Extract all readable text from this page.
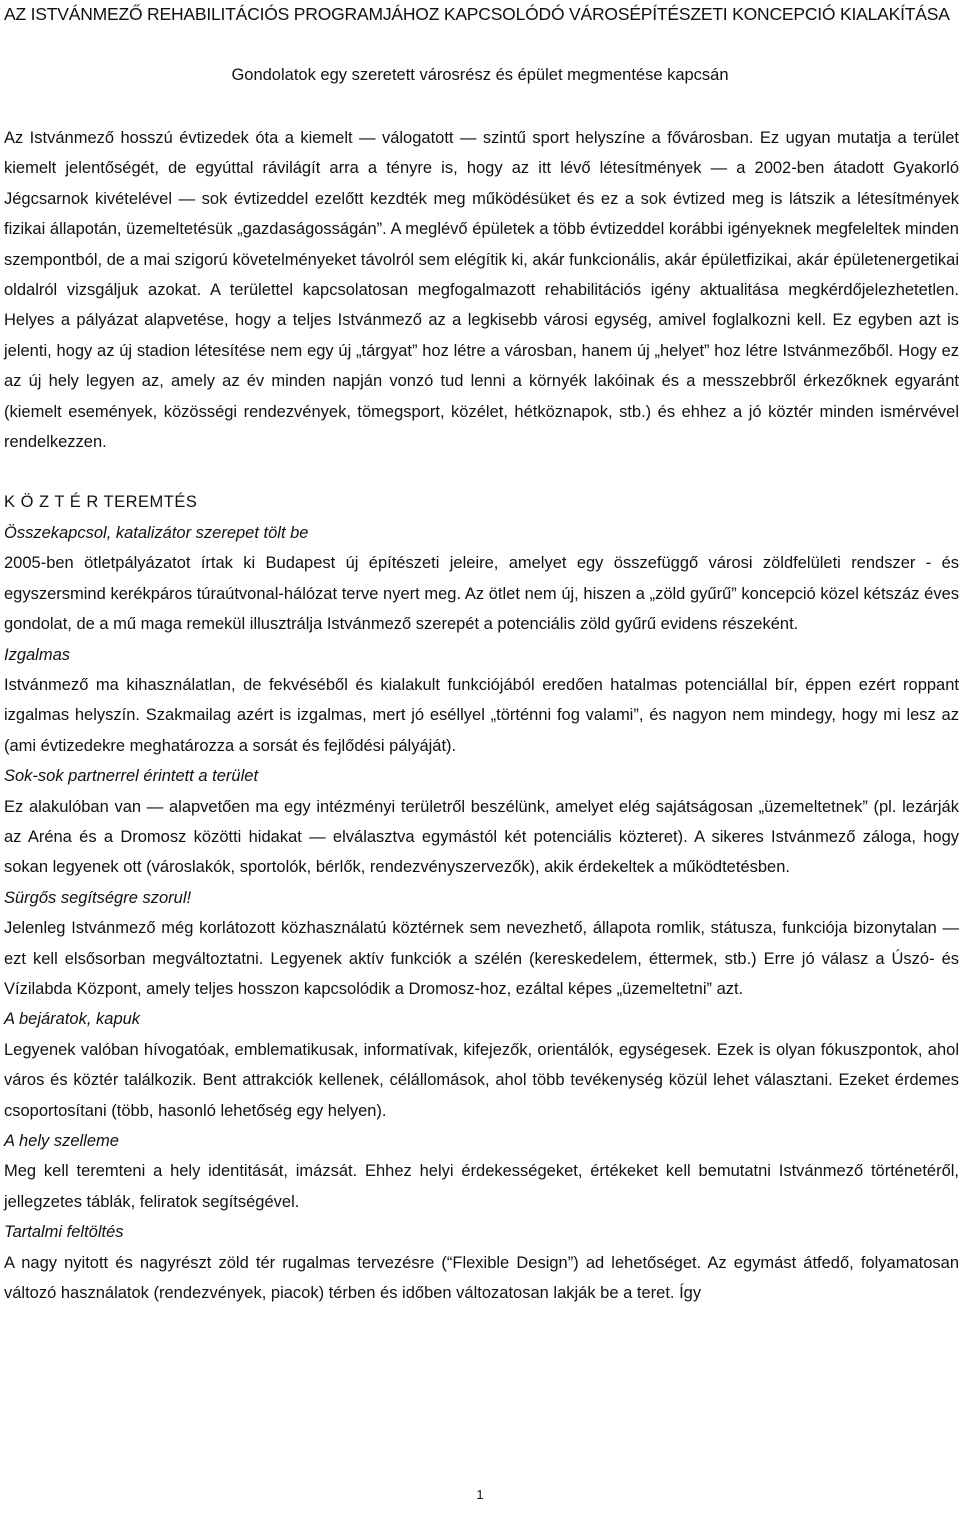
AZ ISTVÁNMEZŐ REHABILITÁCIÓS PROGRAMJÁHOZ KAPCSOLÓDÓ VÁROSÉPÍTÉSZETI KONCEPCIÓ KIALAKÍTÁSA
Gondolatok egy szeretett városrész és épület megmentése kapcsán

Az Istvánmező hosszú évtizedek óta a kiemelt — válogatott — szintű sport helyszíne a fővárosban. Ez ugyan mutatja a terület kiemelt jelentőségét, de egyúttal rávilágít arra a tényre is, hogy az itt lévő létesítmények — a 2002-ben átadott Gyakorló Jégcsarnok kivételével — sok évtizeddel ezelőtt kezdték meg működésüket és ez a sok évtized meg is látszik a létesítmények fizikai állapotán, üzemeltetésük „gazdaságosságán”. A meglévő épületek a több évtizeddel korábbi igényeknek megfeleltek minden szempontból, de a mai szigorú követelményeket távolról sem elégítik ki, akár funkcionális, akár épületfizikai, akár épületenergetikai oldalról vizsgáljuk azokat. A területtel kapcsolatosan megfogalmazott rehabilitációs igény aktualitása megkérdőjelezhetetlen. Helyes a pályázat alapvetése, hogy a teljes Istvánmező az a legkisebb városi egység, amivel foglalkozni kell. Ez egyben azt is jelenti, hogy az új stadion létesítése nem egy új „tárgyat” hoz létre a városban, hanem új „helyet” hoz létre Istvánmezőből. Hogy ez az új hely legyen az, amely az év minden napján vonzó tud lenni a környék lakóinak és a messzebbről érkezőknek egyaránt (kiemelt események, közösségi rendezvények, tömegsport, közélet, hétköznapok, stb.) és ehhez a jó köztér minden ismérvével rendelkezzen.

K Ö Z T É R TEREMTÉS

Összekapcsol, katalizátor szerepet tölt be

2005-ben ötletpályázatot írtak ki Budapest új építészeti jeleire, amelyet egy összefüggő városi zöldfelületi rendszer - és egyszersmind kerékpáros túraútvonal-hálózat terve nyert meg. Az ötlet nem új, hiszen a „zöld gyűrű” koncepció közel kétszáz éves gondolat, de a mű maga remekül illusztrálja Istvánmező szerepét a potenciális zöld gyűrű evidens részeként.

Izgalmas

Istvánmező ma kihasználatlan, de fekvéséből és kialakult funkciójából eredően hatalmas potenciállal bír, éppen ezért roppant izgalmas helyszín. Szakmailag azért is izgalmas, mert jó eséllyel „történni fog valami”, és nagyon nem mindegy, hogy mi lesz az (ami évtizedekre meghatározza a sorsát és fejlődési pályáját).

Sok-sok partnerrel érintett a terület

Ez alakulóban van — alapvetően ma egy intézményi területről beszélünk, amelyet elég sajátságosan „üzemeltetnek” (pl. lezárják az Aréna és a Dromosz közötti hidakat — elválasztva egymástól két potenciális közteret). A sikeres Istvánmező záloga, hogy sokan legyenek ott (városlakók, sportolók, bérlők, rendezvényszervezők), akik érdekeltek a működtetésben.

Sürgős segítségre szorul!

Jelenleg Istvánmező még korlátozott közhasználatú köztérnek sem nevezhető, állapota romlik, státusza, funkciója bizonytalan — ezt kell elsősorban megváltoztatni. Legyenek aktív funkciók a szélén (kereskedelem, éttermek, stb.) Erre jó válasz a Úszó- és Vízilabda Központ, amely teljes hosszon kapcsolódik a Dromosz-hoz, ezáltal képes „üzemeltetni” azt.

A bejáratok, kapuk

Legyenek valóban hívogatóak, emblematikusak, informatívak, kifejezők, orientálók, egységesek. Ezek is olyan fókuszpontok, ahol város és köztér találkozik. Bent attrakciók kellenek, célállomások, ahol több tevékenység közül lehet választani. Ezeket érdemes csoportosítani (több, hasonló lehetőség egy helyen).

A hely szelleme

Meg kell teremteni a hely identitását, imázsát. Ehhez helyi érdekességeket, értékeket kell bemutatni Istvánmező történetéről, jellegzetes táblák, feliratok segítségével.

Tartalmi feltöltés

A nagy nyitott és nagyrészt zöld tér rugalmas tervezésre (“Flexible Design”) ad lehetőséget. Az egymást átfedő, folyamatosan változó használatok (rendezvények, piacok) térben és időben változatosan lakják be a teret. Így

1
